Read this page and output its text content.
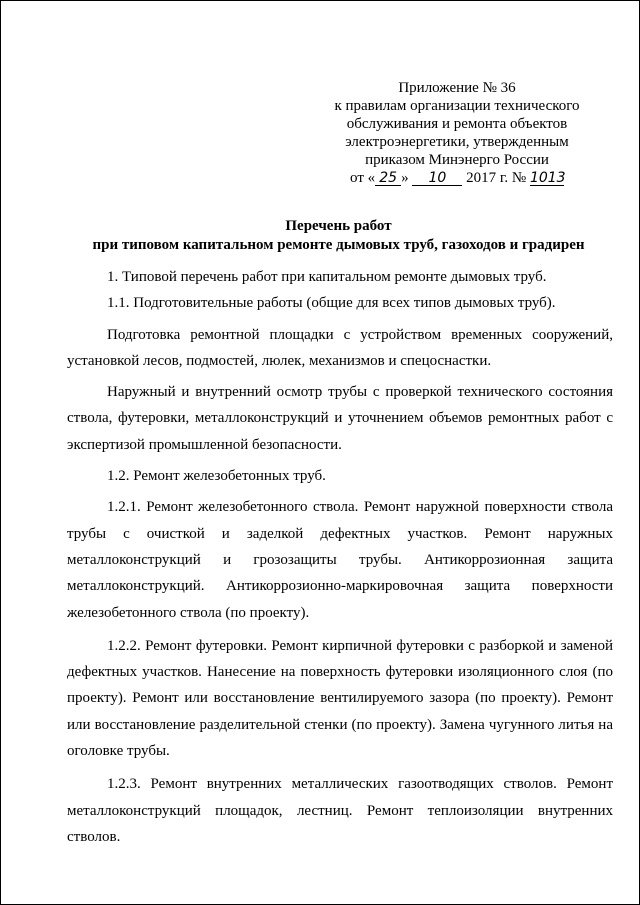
Приложение № 36
к правилам организации технического
обслуживания и ремонта объектов
электроэнергетики, утвержденным
приказом Минэнерго России
от « 25 » 10 2017 г. № 1013
Перечень работ
при типовом капитальном ремонте дымовых труб, газоходов и градирен

1. Типовой перечень работ при капитальном ремонте дымовых труб.

1.1. Подготовительные работы (общие для всех типов дымовых труб).

Подготовка ремонтной площадки с устройством временных сооружений, установкой лесов, подмостей, люлек, механизмов и спецоснастки.

Наружный и внутренний осмотр трубы с проверкой технического состояния ствола, футеровки, металлоконструкций и уточнением объемов ремонтных работ с экспертизой промышленной безопасности.

1.2. Ремонт железобетонных труб.

1.2.1. Ремонт железобетонного ствола. Ремонт наружной поверхности ствола трубы с очисткой и заделкой дефектных участков. Ремонт наружных металлоконструкций и грозозащиты трубы. Антикоррозионная защита металлоконструкций. Антикоррозионно-маркировочная защита поверхности железобетонного ствола (по проекту).

1.2.2. Ремонт футеровки. Ремонт кирпичной футеровки с разборкой и заменой дефектных участков. Нанесение на поверхность футеровки изоляционного слоя (по проекту). Ремонт или восстановление вентилируемого зазора (по проекту). Ремонт или восстановление разделительной стенки (по проекту). Замена чугунного литья на оголовке трубы.

1.2.3. Ремонт внутренних металлических газоотводящих стволов. Ремонт металлоконструкций площадок, лестниц. Ремонт теплоизоляции внутренних стволов.
